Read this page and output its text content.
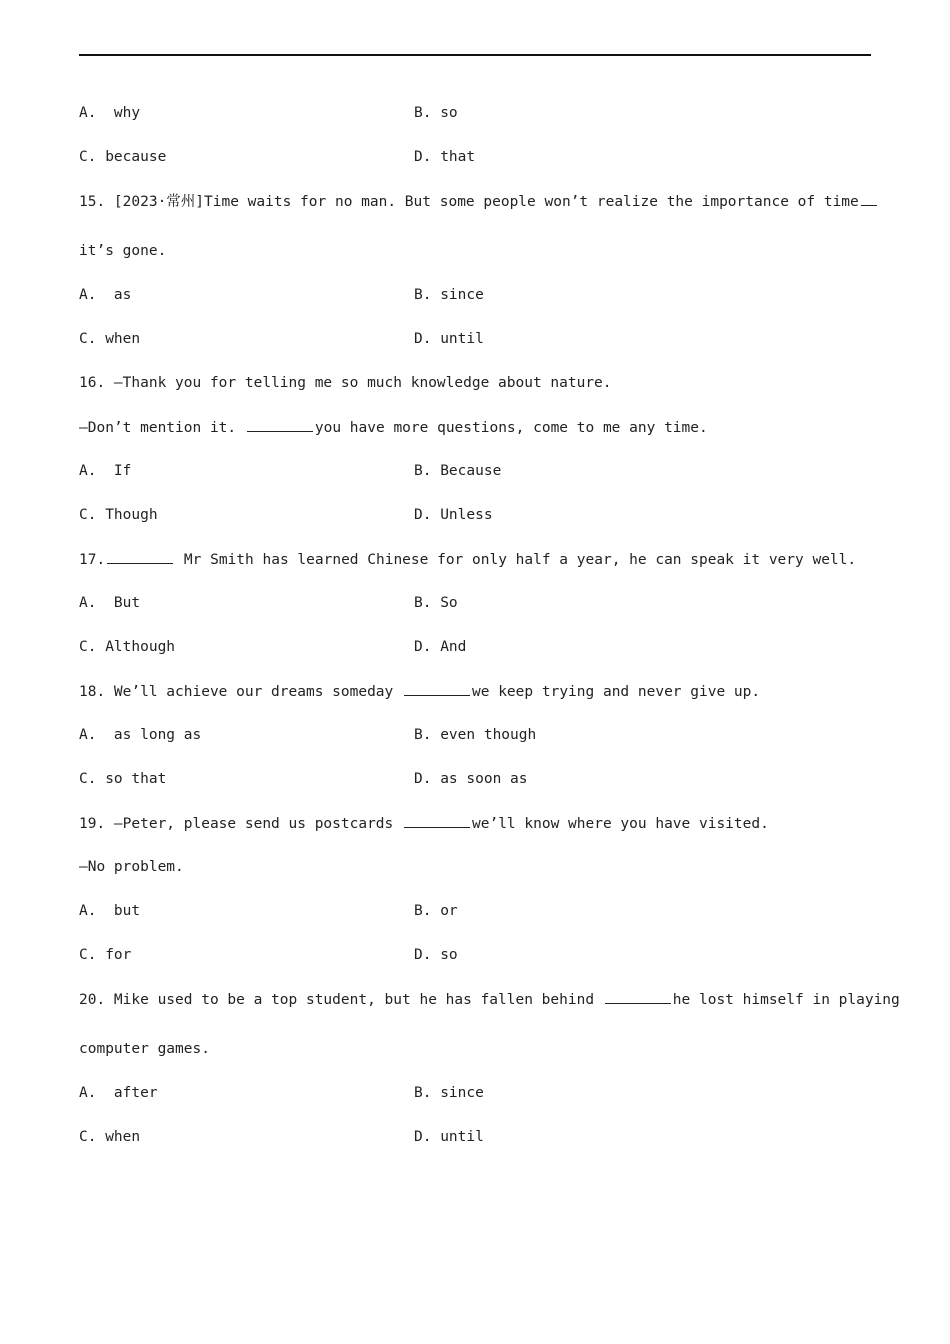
A.  why	B. so
C. because	D. that
15. [2023·常州]Time waits for no man. But some people won’t realize the importance of time
it’s gone.
A.  as	B. since
C. when	D. until
16. —Thank you for telling me so much knowledge about nature.
—Don’t mention it.	you have more questions, come to me any time.
A.  If	B. Because
C. Though	D. Unless
17.	Mr Smith has learned Chinese for only half a year, he can speak it very well.
A.  But	B. So
C. Although	D. And
18. We’ll achieve our dreams someday	we keep trying and never give up.
A.  as long as	B. even though
C. so that	D. as soon as
19. —Peter, please send us postcards	we’ll know where you have visited.
—No problem.
A.  but	B. or
C. for	D. so
20. Mike used to be a top student, but he has fallen behind	he lost himself in playing
computer games.
A.  after	B. since
C. when	D. until
